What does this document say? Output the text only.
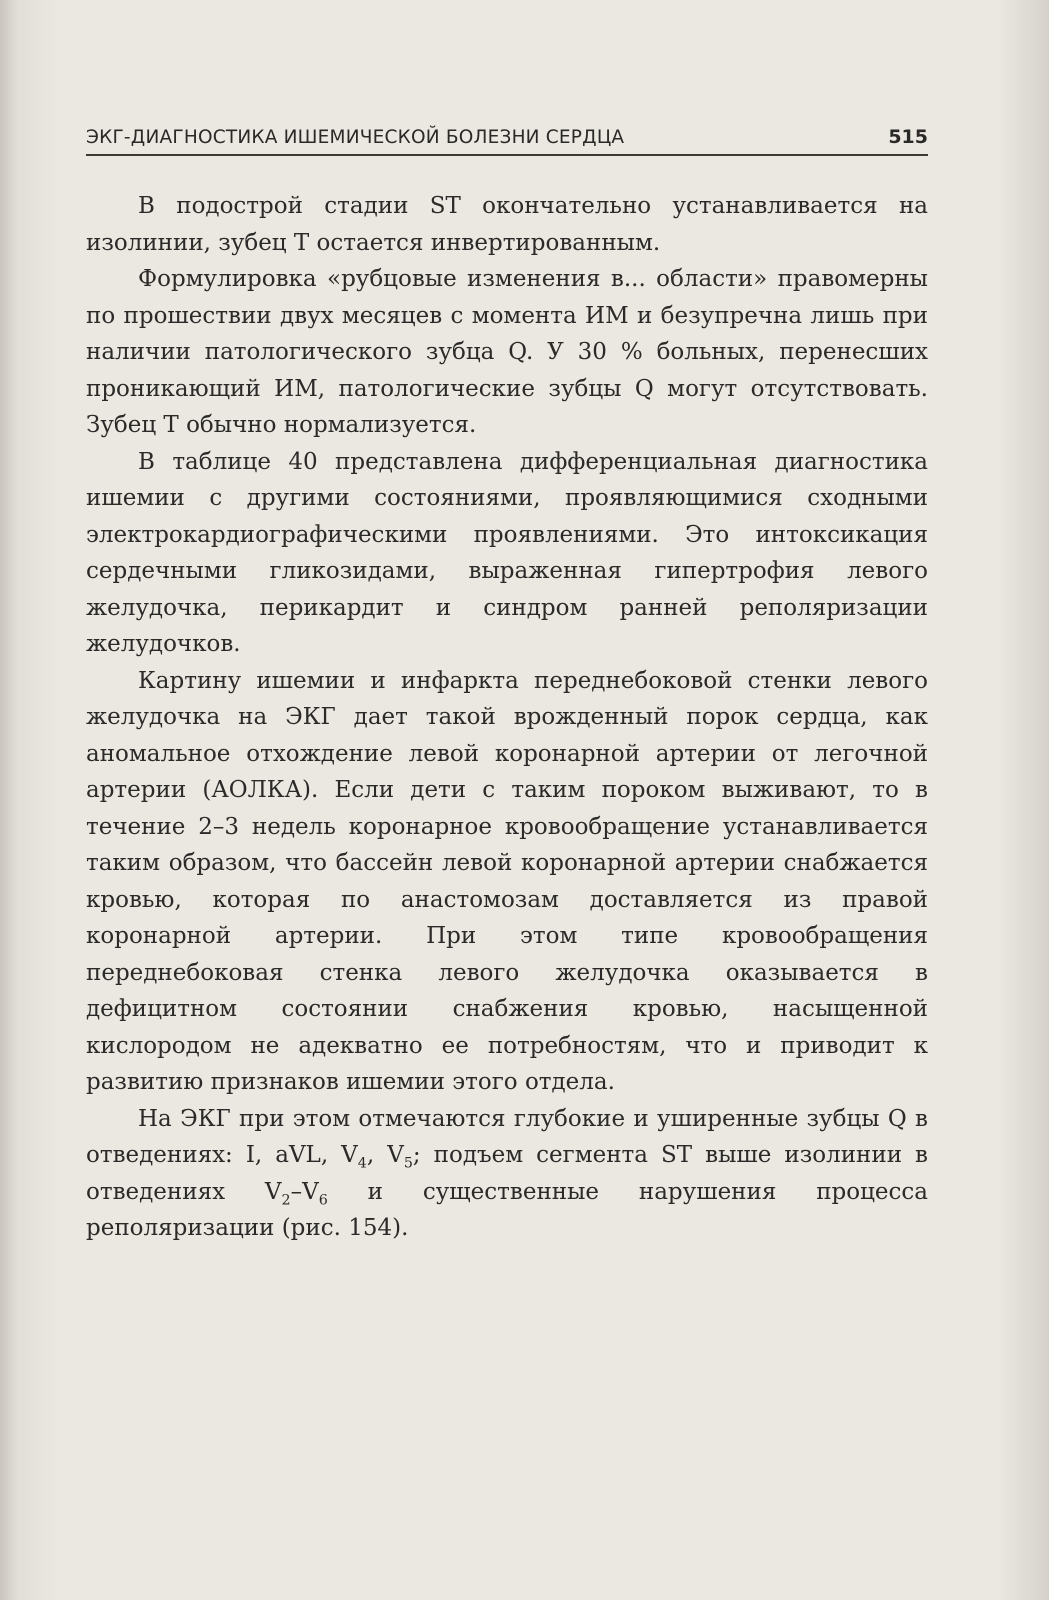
ЭКГ-ДИАГНОСТИКА ИШЕМИЧЕСКОЙ БОЛЕЗНИ СЕРДЦА	515

В подострой стадии ST окончательно устанавливается на изолинии, зубец T остается инвертированным.

Формулировка «рубцовые изменения в... области» правомерны по прошествии двух месяцев с момента ИМ и безупречна лишь при наличии патологического зубца Q. У 30 % больных, перенесших проникающий ИМ, патологические зубцы Q могут отсутствовать. Зубец T обычно нормализуется.

В таблице 40 представлена дифференциальная диагностика ишемии с другими состояниями, проявляющимися сходными электрокардиографическими проявлениями. Это интоксикация сердечными гликозидами, выраженная гипертрофия левого желудочка, перикардит и синдром ранней реполяризации желудочков.

Картину ишемии и инфаркта переднебоковой стенки левого желудочка на ЭКГ дает такой врожденный порок сердца, как аномальное отхождение левой коронарной артерии от легочной артерии (АОЛКА). Если дети с таким пороком выживают, то в течение 2–3 недель коронарное кровообращение устанавливается таким образом, что бассейн левой коронарной артерии снабжается кровью, которая по анастомозам доставляется из правой коронарной артерии. При этом типе кровообращения переднебоковая стенка левого желудочка оказывается в дефицитном состоянии снабжения кровью, насыщенной кислородом не адекватно ее потребностям, что и приводит к развитию признаков ишемии этого отдела.

На ЭКГ при этом отмечаются глубокие и уширенные зубцы Q в отведениях: I, aVL, $V_4$, $V_5$; подъем сегмента ST выше изолинии в отведениях $V_2-V_6$ и существенные нарушения процесса реполяризации (рис. 154).
